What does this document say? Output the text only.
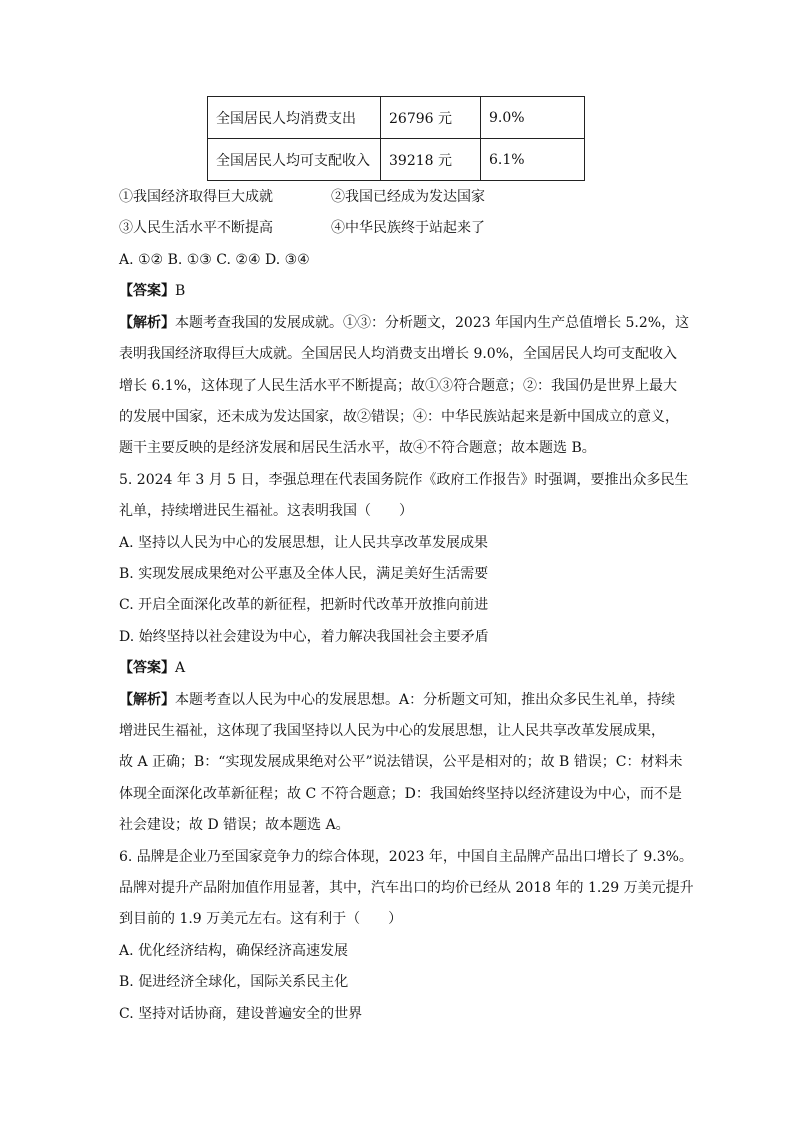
全国居民人均消费支出	26796 元	9.0%
全国居民人均可支配收入	39218 元	6.1%
①我国经济取得巨大成就	②我国已经成为发达国家
③人民生活水平不断提高	④中华民族终于站起来了
A. ①② B. ①③ C. ②④ D. ③④
【答案】B
【解析】本题考查我国的发展成就。①③：分析题文，2023 年国内生产总值增长 5.2%，这
表明我国经济取得巨大成就。全国居民人均消费支出增长 9.0%，全国居民人均可支配收入
增长 6.1%，这体现了人民生活水平不断提高；故①③符合题意；②：我国仍是世界上最大
的发展中国家，还未成为发达国家，故②错误；④：中华民族站起来是新中国成立的意义，
题干主要反映的是经济发展和居民生活水平，故④不符合题意；故本题选 B。
5. 2024 年 3 月 5 日，李强总理在代表国务院作《政府工作报告》时强调，要推出众多民生
礼单，持续增进民生福祉。这表明我国（　　）
A. 坚持以人民为中心的发展思想，让人民共享改革发展成果
B. 实现发展成果绝对公平惠及全体人民，满足美好生活需要
C. 开启全面深化改革的新征程，把新时代改革开放推向前进
D. 始终坚持以社会建设为中心，着力解决我国社会主要矛盾
【答案】A
【解析】本题考查以人民为中心的发展思想。A：分析题文可知，推出众多民生礼单，持续
增进民生福祉，这体现了我国坚持以人民为中心的发展思想，让人民共享改革发展成果，
故 A 正确；B：“实现发展成果绝对公平”说法错误，公平是相对的；故 B 错误；C：材料未
体现全面深化改革新征程；故 C 不符合题意；D：我国始终坚持以经济建设为中心，而不是
社会建设；故 D 错误；故本题选 A。
6. 品牌是企业乃至国家竞争力的综合体现，2023 年，中国自主品牌产品出口增长了 9.3%。
品牌对提升产品附加值作用显著，其中，汽车出口的均价已经从 2018 年的 1.29 万美元提升
到目前的 1.9 万美元左右。这有利于（　　）
A. 优化经济结构，确保经济高速发展
B. 促进经济全球化，国际关系民主化
C. 坚持对话协商，建设普遍安全的世界
